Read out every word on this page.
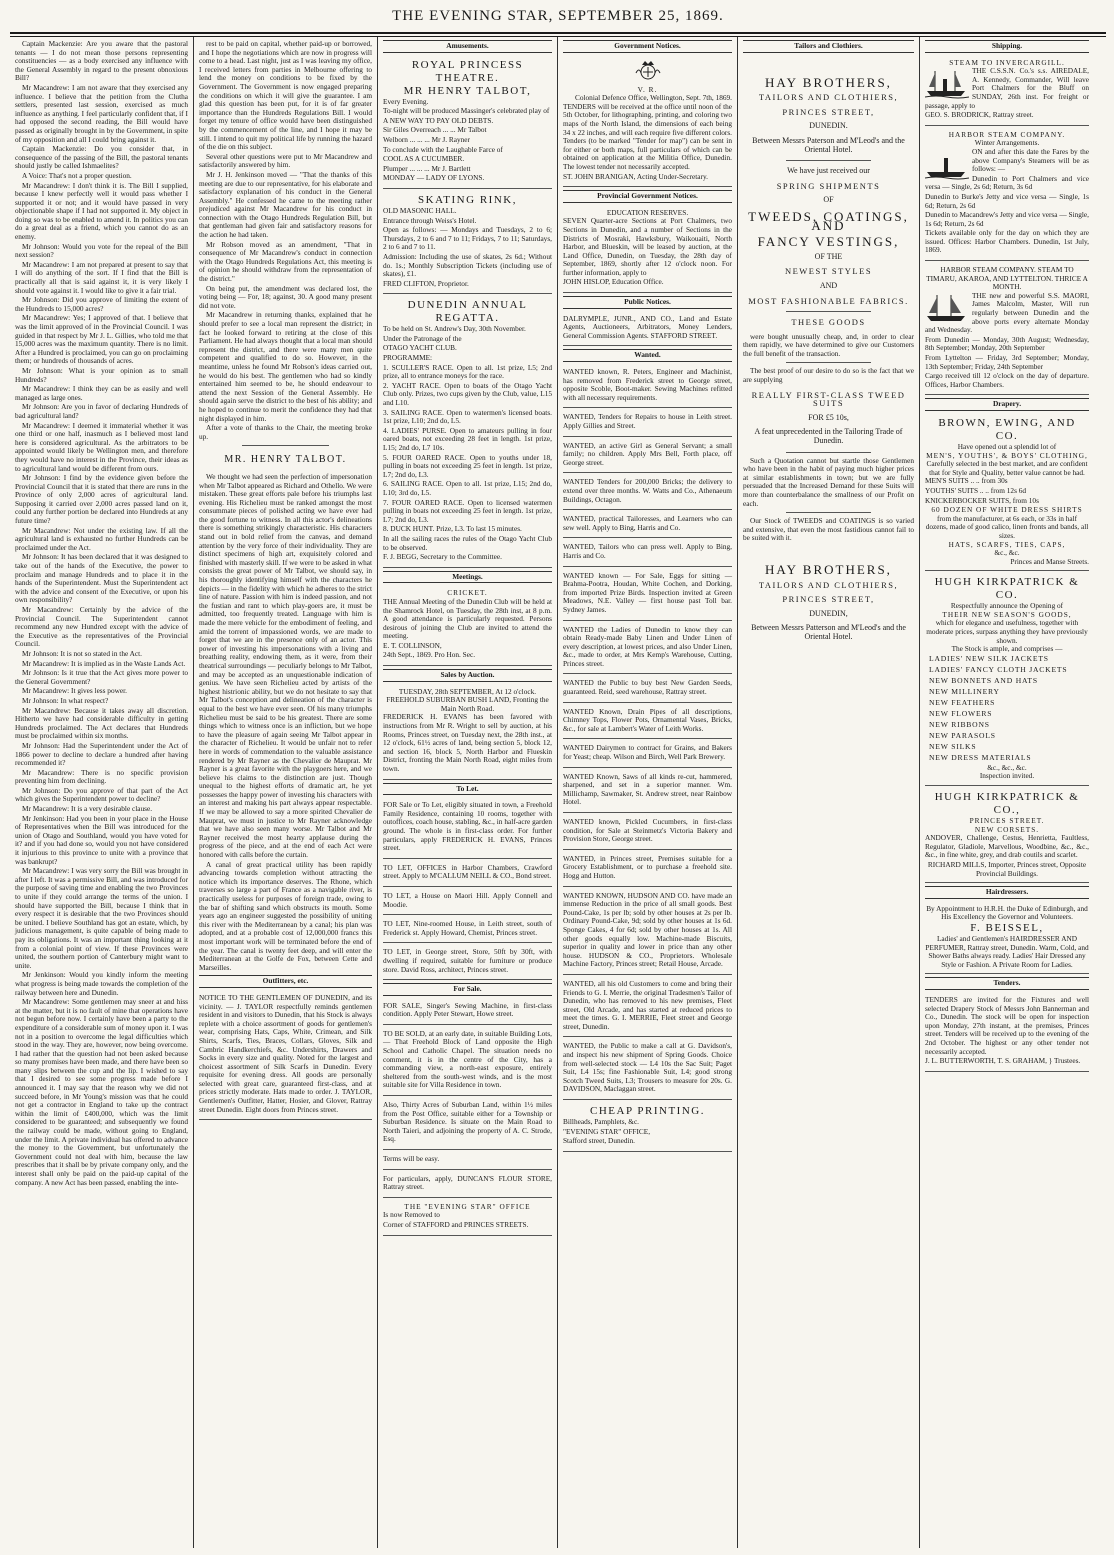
THE EVENING STAR, SEPTEMBER 25, 1869.

Captain Mackenzie: Are you aware that the pastoral tenants — I do not mean those persons representing constituencies — as a body exercised any influence with the General Assembly in regard to the present obnoxious Bill?

Mr Macandrew: I am not aware that they exercised any influence. I believe that the petition from the Clutha settlers, presented last session, exercised as much influence as anything. I feel particularly confident that, if I had opposed the second reading, the Bill would have passed as originally brought in by the Government, in spite of my opposition and all I could bring against it.

Captain Mackenzie: Do you consider that, in consequence of the passing of the Bill, the pastoral tenants should justly be called Ishmaelites?

A Voice: That's not a proper question.

Mr Macandrew: I don't think it is. The Bill I supplied, because I knew perfectly well it would pass whether I supported it or not; and it would have passed in very objectionable shape if I had not supported it. My object in doing so was to be enabled to amend it. In politics you can do a great deal as a friend, which you cannot do as an enemy.

Mr Johnson: Would you vote for the repeal of the Bill next session?

Mr Macandrew: I am not prepared at present to say that I will do anything of the sort. If I find that the Bill is practically all that is said against it, it is very likely I should vote against it. I would like to give it a fair trial.

Mr Johnson: Did you approve of limiting the extent of the Hundreds to 15,000 acres?

Mr Macandrew: Yes; I approved of that. I believe that was the limit approved of in the Provincial Council. I was guided in that respect by Mr J. L. Gillies, who told me that 15,000 acres was the maximum quantity. There is no limit. After a Hundred is proclaimed, you can go on proclaiming them; or hundreds of thousands of acres.

Mr Johnson: What is your opinion as to small Hundreds?

Mr Macandrew: I think they can be as easily and well managed as large ones.

Mr Johnson: Are you in favor of declaring Hundreds of bad agricultural land?

Mr Macandrew: I deemed it immaterial whether it was one third or one half, inasmuch as I believed most land here is considered agricultural. As the arbitrators to be appointed would likely be Wellington men, and therefore they would have no interest in the Province, their ideas as to agricultural land would be different from ours.

Mr Johnson: I find by the evidence given before the Provincial Council that it is stated that there are runs in the Province of only 2,000 acres of agricultural land. Supposing it carried over 2,000 acres passed land on it, could any further portion be declared into Hundreds at any future time?

Mr Macandrew: Not under the existing law. If all the agricultural land is exhausted no further Hundreds can be proclaimed under the Act.

Mr Johnson: It has been declared that it was designed to take out of the hands of the Executive, the power to proclaim and manage Hundreds and to place it in the hands of the Superintendent. Must the Superintendent act with the advice and consent of the Executive, or upon his own responsibility?

Mr Macandrew: Certainly by the advice of the Provincial Council. The Superintendent cannot recommend any new Hundred except with the advice of the Executive as the representatives of the Provincial Council.

Mr Johnson: It is not so stated in the Act.

Mr Macandrew: It is implied as in the Waste Lands Act.

Mr Johnson: Is it true that the Act gives more power to the General Government?

Mr Macandrew: It gives less power.

Mr Johnson: In what respect?

Mr Macandrew: Because it takes away all discretion. Hitherto we have had considerable difficulty in getting Hundreds proclaimed. The Act declares that Hundreds must be proclaimed within six months.

Mr Johnson: Had the Superintendent under the Act of 1866 power to decline to declare a hundred after having recommended it?

Mr Macandrew: There is no specific provision preventing him from declining.

Mr Johnson: Do you approve of that part of the Act which gives the Superintendent power to decline?

Mr Macandrew: It is a very desirable clause.

Mr Jenkinson: Had you been in your place in the House of Representatives when the Bill was introduced for the union of Otago and Southland, would you have voted for it? and if you had done so, would you not have considered it injurious to this province to unite with a province that was bankrupt?

Mr Macandrew: I was very sorry the Bill was brought in after I left. It was a permissive Bill, and was introduced for the purpose of saving time and enabling the two Provinces to unite if they could arrange the terms of the union. I should have supported the Bill, because I think that in every respect it is desirable that the two Provinces should be united. I believe Southland has got an estate, which, by judicious management, is quite capable of being made to pay its obligations. It was an important thing looking at it from a colonial point of view. If these Provinces were united, the southern portion of Canterbury might want to unite.

Mr Jenkinson: Would you kindly inform the meeting what progress is being made towards the completion of the railway between here and Dunedin.

Mr Macandrew: Some gentlemen may sneer at and hiss at the matter, but it is no fault of mine that operations have not begun before now. I certainly have been a party to the expenditure of a considerable sum of money upon it. I was not in a position to overcome the legal difficulties which stood in the way. They are, however, now being overcome. I had rather that the question had not been asked because so many promises have been made, and there have been so many slips between the cup and the lip. I wished to say that I desired to see some progress made before I announced it. I may say that the reason why we did not succeed before, in Mr Young's mission was that he could not get a contractor in England to take up the contract within the limit of £400,000, which was the limit considered to be guaranteed; and subsequently we found the railway could be made, without going to England, under the limit. A private individual has offered to advance the money to the Government, but unfortunately the Government could not deal with him, because the law prescribes that it shall be by private company only, and the interest shall only be paid on the paid-up capital of the company. A new Act has been passed, enabling the inte-

rest to be paid on capital, whether paid-up or borrowed, and I hope the negotiations which are now in progress will come to a head. Last night, just as I was leaving my office, I received letters from parties in Melbourne offering to lend the money on conditions to be fixed by the Government. The Government is now engaged preparing the conditions on which it will give the guarantee. I am glad this question has been put, for it is of far greater importance than the Hundreds Regulations Bill. I would forget my tenure of office would have been distinguished by the commencement of the line, and I hope it may be still. I intend to quit my political life by running the hazard of the die on this subject.

Several other questions were put to Mr Macandrew and satisfactorily answered by him.

Mr J. H. Jenkinson moved — "That the thanks of this meeting are due to our representative, for his elaborate and satisfactory explanation of his conduct in the General Assembly." He confessed he came to the meeting rather prejudiced against Mr Macandrew for his conduct in connection with the Otago Hundreds Regulation Bill, but that gentleman had given fair and satisfactory reasons for the action he had taken.

Mr Robson moved as an amendment, "That in consequence of Mr Macandrew's conduct in connection with the Otago Hundreds Regulations Act, this meeting is of opinion he should withdraw from the representation of the district."

On being put, the amendment was declared lost, the voting being — For, 18; against, 30. A good many present did not vote.

Mr Macandrew in returning thanks, explained that he should prefer to see a local man represent the district; in fact he looked forward to retiring at the close of this Parliament. He had always thought that a local man should represent the district, and there were many men quite competent and qualified to do so. However, in the meantime, unless he found Mr Robson's ideas carried out, he would do his best. The gentlemen who had so kindly entertained him seemed to be, he should endeavour to attend the next Session of the General Assembly. He should again serve the district to the best of his ability; and he hoped to continue to merit the confidence they had that night displayed in him.

After a vote of thanks to the Chair, the meeting broke up.

MR. HENRY TALBOT.

We thought we had seen the perfection of impersonation when Mr Talbot appeared as Richard and Othello. We were mistaken. These great efforts pale before his triumphs last evening. His Richelieu must be ranked amongst the most consummate pieces of polished acting we have ever had the good fortune to witness. In all this actor's delineations there is something strikingly characteristic. His characters stand out in bold relief from the canvas, and demand attention by the very force of their individuality. They are distinct specimens of high art, exquisitely colored and finished with masterly skill. If we were to be asked in what consists the great power of Mr Talbot, we should say, in his thoroughly identifying himself with the characters he depicts — in the fidelity with which he adheres to the strict line of nature. Passion with him is indeed passion, and not the fustian and rant to which play-goers are, it must be admitted, too frequently treated. Language with him is made the mere vehicle for the embodiment of feeling, and amid the torrent of impassioned words, we are made to forget that we are in the presence only of an actor. This power of investing his impersonations with a living and breathing reality, endowing them, as it were, from their theatrical surroundings — peculiarly belongs to Mr Talbot, and may be accepted as an unquestionable indication of genius. We have seen Richelieu acted by artists of the highest histrionic ability, but we do not hesitate to say that Mr Talbot's conception and delineation of the character is equal to the best we have ever seen. Of his many triumphs Richelieu must be said to be his greatest. There are some things which to witness once is an infliction, but we hope to have the pleasure of again seeing Mr Talbot appear in the character of Richelieu. It would be unfair not to refer here in words of commendation to the valuable assistance rendered by Mr Rayner as the Chevalier de Mauprat. Mr Rayner is a great favorite with the playgoers here, and we believe his claims to the distinction are just. Though unequal to the highest efforts of dramatic art, he yet possesses the happy power of investing his characters with an interest and making his part always appear respectable. If we may be allowed to say a more spirited Chevalier de Mauprat, we must in justice to Mr Rayner acknowledge that we have also seen many worse. Mr Talbot and Mr Rayner received the most hearty applause during the progress of the piece, and at the end of each Act were honored with calls before the curtain.

A canal of great practical utility has been rapidly advancing towards completion without attracting the notice which its importance deserves. The Rhone, which traverses so large a part of France as a navigable river, is practically useless for purposes of foreign trade, owing to the bar of shifting sand which obstructs its mouth. Some years ago an engineer suggested the possibility of uniting this river with the Mediterranean by a canal; his plan was adopted, and at a probable cost of 12,000,000 francs this most important work will be terminated before the end of the year. The canal is twenty feet deep, and will enter the Mediterranean at the Golfe de Fox, between Cette and Marseilles.

Outfitters, etc.

NOTICE TO THE GENTLEMEN OF DUNEDIN, and its vicinity. — J. TAYLOR respectfully reminds gentlemen resident in and visitors to Dunedin, that his Stock is always replete with a choice assortment of goods for gentlemen's wear, comprising Hats, Caps, White, Crimean, and Silk Shirts, Scarfs, Ties, Braces, Collars, Gloves, Silk and Cambric Handkerchiefs, &c. Undershirts, Drawers and Socks in every size and quality. Noted for the largest and choicest assortment of Silk Scarfs in Dunedin. Every requisite for evening dress. All goods are personally selected with great care, guaranteed first-class, and at prices strictly moderate. Hats made to order. J. TAYLOR, Gentlemen's Outfitter, Hatter, Hosier, and Glover, Rattray street Dunedin. Eight doors from Princes street.

Amusements.
ROYAL PRINCESS THEATRE.
MR HENRY TALBOT,

Every Evening.

To-night will be produced Massinger's celebrated play of

A NEW WAY TO PAY OLD DEBTS.

Sir Giles Overreach ... ... Mr Talbot

Welborn ... ... ... Mr J. Rayner

To conclude with the Laughable Farce of

COOL AS A CUCUMBER.

Plumper ... ... ... Mr J. Bartlett

MONDAY — LADY OF LYONS.

SKATING RINK,

OLD MASONIC HALL.

Entrance through Weiss's Hotel.

Open as follows: — Mondays and Tuesdays, 2 to 6; Thursdays, 2 to 6 and 7 to 11; Fridays, 7 to 11; Saturdays, 2 to 6 and 7 to 11.

Admission: Including the use of skates, 2s 6d.; Without do. 1s.; Monthly Subscription Tickets (including use of skates), £1.

FRED CLIFTON, Proprietor.

DUNEDIN ANNUAL REGATTA.

To be held on St. Andrew's Day, 30th November.

Under the Patronage of the

OTAGO YACHT CLUB.

PROGRAMME:

1. SCULLER'S RACE. Open to all. 1st prize, L5; 2nd prize, all to entrance moneys for the race.

2. YACHT RACE. Open to boats of the Otago Yacht Club only. Prizes, two cups given by the Club, value, L15 and L10.

3. SAILING RACE. Open to watermen's licensed boats. 1st prize, L10; 2nd do, L5.

4. LADIES' PURSE. Open to amateurs pulling in four oared boats, not exceeding 28 feet in length. 1st prize, L15; 2nd do, L7 10s.

5. FOUR OARED RACE. Open to youths under 18, pulling in boats not exceeding 25 feet in length. 1st prize, L7; 2nd do, L3.

6. SAILING RACE. Open to all. 1st prize, L15; 2nd do, L10; 3rd do, L5.

7. FOUR OARED RACE. Open to licensed watermen pulling in boats not exceeding 25 feet in length. 1st prize, L7; 2nd do, L3.

8. DUCK HUNT. Prize, L3. To last 15 minutes.

In all the sailing races the rules of the Otago Yacht Club to be observed.

F. J. BEGG, Secretary to the Committee.

Meetings.
CRICKET.

THE Annual Meeting of the Dunedin Club will be held at the Shamrock Hotel, on Tuesday, the 28th inst, at 8 p.m. A good attendance is particularly requested. Persons desirous of joining the Club are invited to attend the meeting.

E. T. COLLINSON,

24th Sept., 1869. Pro Hon. Sec.

Sales by Auction.
TUESDAY, 28th SEPTEMBER, At 12 o'clock.
FREEHOLD SUBURBAN BUSH LAND, Fronting the Main North Road.

FREDERICK H. EVANS has been favored with instructions from Mr R. Wright to sell by auction, at his Rooms, Princes street, on Tuesday next, the 28th inst., at 12 o'clock, 61½ acres of land, being section 5, block 12, and section 16, block 5, North Harbor and Flueskin District, fronting the Main North Road, eight miles from town.

To Let.

FOR Sale or To Let, eligibly situated in town, a Freehold Family Residence, containing 10 rooms, together with outoffices, coach house, stabling, &c., in half-acre garden ground. The whole is in first-class order. For further particulars, apply FREDERICK H. EVANS, Princes street.

TO LET, OFFICES in Harbor Chambers, Crawford street. Apply to M'CALLUM NEILL & CO., Bond street.

TO LET, a House on Maori Hill. Apply Connell and Moodie.

TO LET, Nine-roomed House, in Leith street, south of Frederick st. Apply Howard, Chemist, Princes street.

TO LET, in George street, Store, 50ft by 30ft, with dwelling if required, suitable for furniture or produce store. David Ross, architect, Princes street.

For Sale.

FOR SALE, Singer's Sewing Machine, in first-class condition. Apply Peter Stewart, Howe street.

TO BE SOLD, at an early date, in suitable Building Lots, — That Freehold Block of Land opposite the High School and Catholic Chapel. The situation needs no comment, it is in the centre of the City, has a commanding view, a north-east exposure, entirely sheltered from the south-west winds, and is the most suitable site for Villa Residence in town.

Also, Thirty Acres of Suburban Land, within 1½ miles from the Post Office, suitable either for a Township or Suburban Residence. Is situate on the Main Road to North Taieri, and adjoining the property of A. C. Strode, Esq.

Terms will be easy.

For particulars, apply, DUNCAN'S FLOUR STORE, Rattray street.

THE "EVENING STAR" OFFICE

Is now Removed to

Corner of STAFFORD and PRINCES STREETS.

Government Notices.
V. R.
Colonial Defence Office, Wellington, Sept. 7th, 1869.

TENDERS will be received at the office until noon of the 5th October, for lithographing, printing, and coloring two maps of the North Island, the dimensions of each being 34 x 22 inches, and will each require five different colors. Tenders (to be marked "Tender for map") can be sent in for either or both maps, full particulars of which can be obtained on application at the Militia Office, Dunedin. The lowest tender not necessarily accepted.

ST. JOHN BRANIGAN, Acting Under-Secretary.

Provincial Government Notices.
EDUCATION RESERVES.

SEVEN Quarter-acre Sections at Port Chalmers, two Sections in Dunedin, and a number of Sections in the Districts of Mosraki, Hawksbury, Waikouaiti, North Harbor, and Blueskin, will be leased by auction, at the Land Office, Dunedin, on Tuesday, the 28th day of September, 1869, shortly after 12 o'clock noon. For further information, apply to

JOHN HISLOP, Education Office.

Public Notices.

DALRYMPLE, JUNR., AND CO., Land and Estate Agents, Auctioneers, Arbitrators, Money Lenders, General Commission Agents. STAFFORD STREET.

Wanted.

WANTED known, R. Peters, Engineer and Machinist, has removed from Frederick street to George street, opposite Scoble, Boot-maker. Sewing Machines refitted with all necessary requirements.

WANTED, Tenders for Repairs to house in Leith street. Apply Gillies and Street.

WANTED, an active Girl as General Servant; a small family; no children. Apply Mrs Bell, Forth place, off George street.

WANTED Tenders for 200,000 Bricks; the delivery to extend over three months. W. Watts and Co., Athenaeum Buildings, Octagon.

WANTED, practical Tailoresses, and Learners who can sew well. Apply to Bing, Harris and Co.

WANTED, Tailors who can press well. Apply to Bing, Harris and Co.

WANTED known — For Sale, Eggs for sitting — Brahma-Pootra, Houdan, White Cochen, and Dorking, from imported Prize Birds. Inspection invited at Green Meadows, N.E. Valley — first house past Toll bar. Sydney James.

WANTED the Ladies of Dunedin to know they can obtain Ready-made Baby Linen and Under Linen of every description, at lowest prices, and also Under Linen, &c., made to order, at Mrs Kemp's Warehouse, Cutting, Princes street.

WANTED the Public to buy best New Garden Seeds, guaranteed. Reid, seed warehouse, Rattray street.

WANTED Known, Drain Pipes of all descriptions, Chimney Tops, Flower Pots, Ornamental Vases, Bricks, &c., for sale at Lambert's Water of Leith Works.

WANTED Dairymen to contract for Grains, and Bakers for Yeast; cheap. Wilson and Birch, Well Park Brewery.

WANTED Known, Saws of all kinds re-cut, hammered, sharpened, and set in a superior manner. Wm. Millichamp, Sawmaker, St. Andrew street, near Rainbow Hotel.

WANTED known, Pickled Cucumbers, in first-class condition, for Sale at Steinmetz's Victoria Bakery and Provision Store, George street.

WANTED, in Princes street, Premises suitable for a Grocery Establishment, or to purchase a freehold site. Hogg and Hutton.

WANTED KNOWN, HUDSON AND CO. have made an immense Reduction in the price of all small goods. Best Pound-Cake, 1s per lb; sold by other houses at 2s per lb. Ordinary Pound-Cake, 9d; sold by other houses at 1s 6d. Sponge Cakes, 4 for 6d; sold by other houses at 1s. All other goods equally low. Machine-made Biscuits, superior in quality and lower in price than any other house. HUDSON & CO., Proprietors. Wholesale Machine Factory, Princes street; Retail House, Arcade.

WANTED, all his old Customers to come and bring their Friends to G. I. Merrie, the original Tradesmen's Tailor of Dunedin, who has removed to his new premises, Fleet street, Old Arcade, and has started at reduced prices to meet the times. G. I. MERRIE, Fleet street and George street, Dunedin.

WANTED, the Public to make a call at G. Davidson's, and inspect his new shipment of Spring Goods. Choice from well-selected stock — L4 10s the Sac Suit; Paget Suit, L4 15s; fine Fashionable Suit, L4; good strong Scotch Tweed Suits, L3; Trousers to measure for 20s. G. DAVIDSON, Maclaggan street.

CHEAP PRINTING.

Billheads, Pamphlets, &c.

"EVENING STAR" OFFICE,

Stafford street, Dunedin.

Tailors and Clothiers.
HAY BROTHERS,
TAILORS AND CLOTHIERS,
PRINCES STREET,
DUNEDIN.
Between Messrs Paterson and M'Leod's and the Oriental Hotel.
We have just received our
SPRING SHIPMENTS
OF
TWEEDS, COATINGS, AND
FANCY VESTINGS,
OF THE
NEWEST STYLES
AND
MOST FASHIONABLE FABRICS.
THESE GOODS

were bought unusually cheap, and, in order to clear them rapidly, we have determined to give our Customers the full benefit of the transaction.

The best proof of our desire to do so is the fact that we are supplying

REALLY FIRST-CLASS TWEED SUITS
FOR £5 10s,
A feat unprecedented in the Tailoring Trade of Dunedin.

Such a Quotation cannot but startle those Gentlemen who have been in the habit of paying much higher prices at similar establishments in town; but we are fully persuaded that the Increased Demand for these Suits will more than counterbalance the smallness of our Profit on each.

Our Stock of TWEEDS and COATINGS is so varied and extensive, that even the most fastidious cannot fail to be suited with it.

HAY BROTHERS,
TAILORS AND CLOTHIERS,
PRINCES STREET,
DUNEDIN,
Between Messrs Patterson and M'Leod's and the Oriental Hotel.
Shipping.
STEAM TO INVERCARGILL.

THE C.S.S.N. Co.'s s.s. AIREDALE, A. Kennedy, Commander, Will leave Port Chalmers for the Bluff on SUNDAY, 26th inst. For freight or passage, apply to

GEO. S. BRODRICK, Rattray street.

HARBOR STEAM COMPANY.
Winter Arrangements.

ON and after this date the Fares by the above Company's Steamers will be as follows: —

Dunedin to Port Chalmers and vice versa — Single, 2s 6d; Return, 3s 6d

Dunedin to Burke's Jetty and vice versa — Single, 1s 6d; Return, 2s 6d

Dunedin to Macandrew's Jetty and vice versa — Single, 1s 6d; Return, 2s 6d

Tickets available only for the day on which they are issued. Offices: Harbor Chambers. Dunedin, 1st July, 1869.

HARBOR STEAM COMPANY. STEAM TO TIMARU, AKAROA, AND LYTTELTON. THRICE A MONTH.

THE new and powerful S.S. MAORI, James Malcolm, Master, Will run regularly between Dunedin and the above ports every alternate Monday and Wednesday.

From Dunedin — Monday, 30th August; Wednesday, 8th September; Monday, 20th September

From Lyttelton — Friday, 3rd September; Monday, 13th September; Friday, 24th September

Cargo received till 12 o'clock on the day of departure. Offices, Harbor Chambers.

Drapery.
BROWN, EWING, AND CO.
Have opened out a splendid lot of
MEN'S, YOUTHS', & BOYS' CLOTHING,
Carefully selected in the best market, and are confident that for Style and Quality, better value cannot be had.

MEN'S SUITS .. .. from 30s

YOUTHS' SUITS .. .. from 12s 6d

KNICKERBOCKER SUITS, from 10s

60 DOZEN OF WHITE DRESS SHIRTS
from the manufacturer, at 6s each, or 33s in half dozens, made of good calico, linen fronts and bands, all sizes.
HATS, SCARFS, TIES, CAPS,
&c., &c.
Princes and Manse Streets.
HUGH KIRKPATRICK & CO.
Respectfully announce the Opening of
THEIR NEW SEASON'S GOODS,
which for elegance and usefulness, together with moderate prices, surpass anything they have previously shown.
The Stock is ample, and comprises —

LADIES' NEW SILK JACKETS

LADIES' FANCY CLOTH JACKETS

NEW BONNETS AND HATS

NEW MILLINERY

NEW FEATHERS

NEW FLOWERS

NEW RIBBONS

NEW PARASOLS

NEW SILKS

NEW DRESS MATERIALS

&c., &c., &c.
Inspection invited.
HUGH KIRKPATRICK & CO.,
PRINCES STREET.
NEW CORSETS.

ANDOVER, Challenge, Cestus, Henrietta, Faultless, Regulator, Gladiole, Marvellous, Woodbine, &c., &c., &c., in fine white, grey, and drab coutils and scarlet.

RICHARD MILLS, Importer, Princes street, Opposite Provincial Buildings.
Hairdressers.
By Appointment to H.R.H. the Duke of Edinburgh, and His Excellency the Governor and Volunteers.
F. BEISSEL,
Ladies' and Gentlemen's HAIRDRESSER AND PERFUMER, Rattray street, Dunedin. Warm, Cold, and Shower Baths always ready. Ladies' Hair Dressed any Style or Fashion. A Private Room for Ladies.
Tenders.

TENDERS are invited for the Fixtures and well selected Drapery Stock of Messrs John Bannerman and Co., Dunedin. The stock will be open for inspection upon Monday, 27th instant, at the premises, Princes street. Tenders will be received up to the evening of the 2nd October. The highest or any other tender not necessarily accepted.

J. L. BUTTERWORTH, T. S. GRAHAM, } Trustees.
